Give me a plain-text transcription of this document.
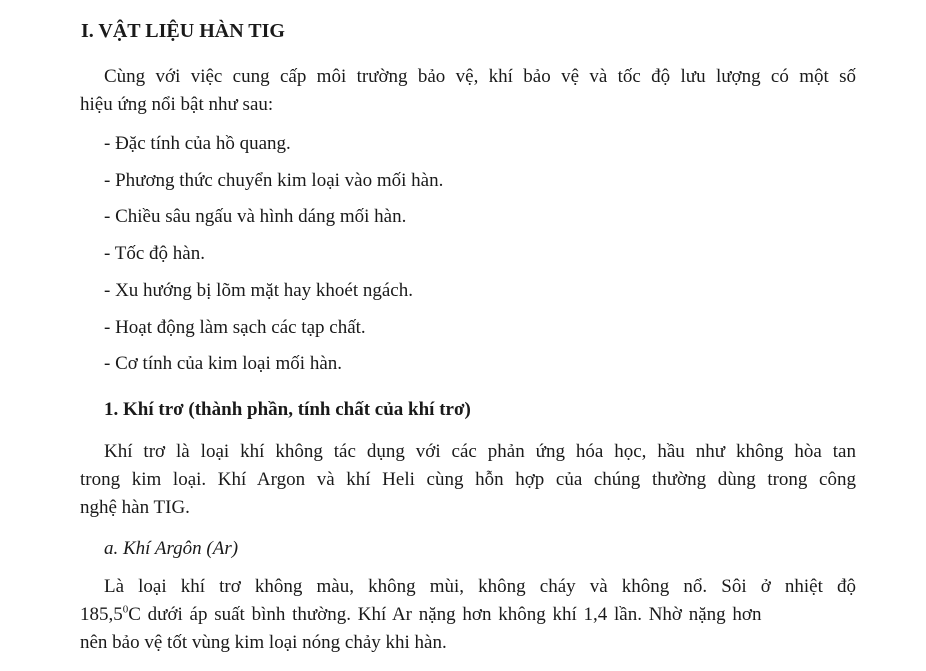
I. VẬT LIỆU HÀN TIG
Cùng với việc cung cấp môi trường bảo vệ, khí bảo vệ và tốc độ lưu lượng có một số
hiệu ứng nổi bật như sau:
- Đặc tính của hồ quang.
- Phương thức chuyển kim loại vào mối hàn.
- Chiều sâu ngấu và hình dáng mối hàn.
- Tốc độ hàn.
- Xu hướng bị lõm mặt hay khoét ngách.
- Hoạt động làm sạch các tạp chất.
- Cơ tính của kim loại mối hàn.
1. Khí trơ (thành phần, tính chất của khí trơ)
Khí trơ là loại khí không tác dụng với các phản ứng hóa học, hầu như không hòa tan
trong kim loại. Khí Argon và khí Heli cùng hỗn hợp của chúng thường dùng trong công
nghệ hàn TIG.
a. Khí Argôn (Ar)
Là loại khí trơ không màu, không mùi, không cháy và không nổ. Sôi ở nhiệt độ
185,5$^0$C dưới áp suất bình thường. Khí Ar nặng hơn không khí 1,4 lần. Nhờ nặng hơn
nên bảo vệ tốt vùng kim loại nóng chảy khi hàn.
